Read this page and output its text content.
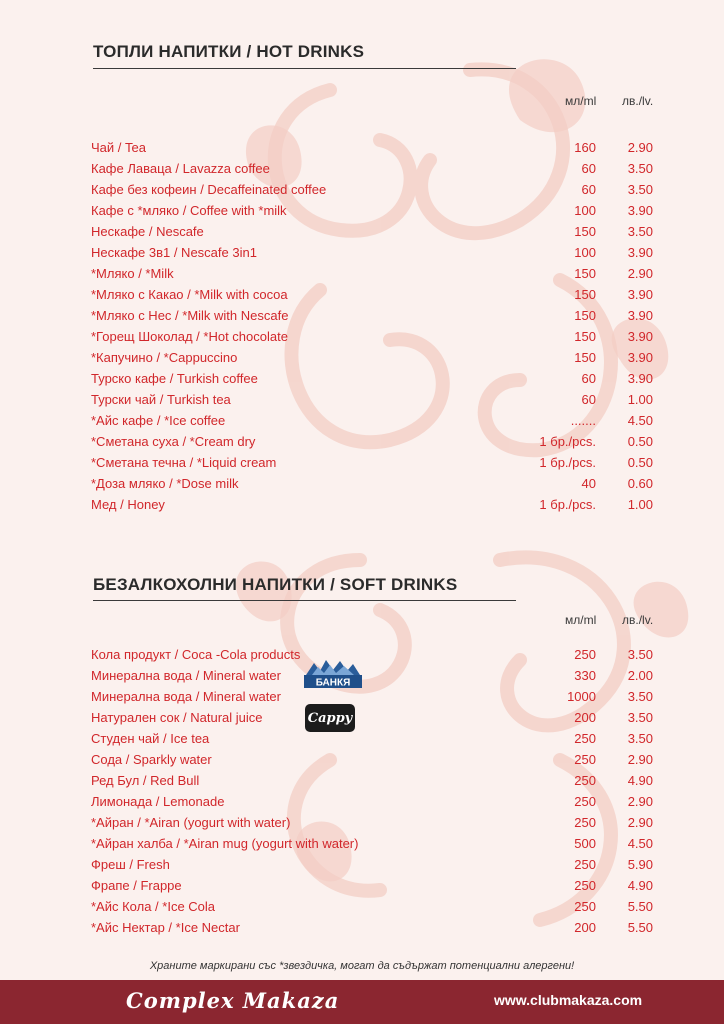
ТОПЛИ НАПИТКИ / HOT DRINKS
мл/ml лв./lv.
Чай / Tea	160	2.90
Кафе Лаваца / Lavazza coffee	60	3.50
Кафе без кофеин / Decaffeinated coffee	60	3.50
Кафе с *мляко / Coffee with *milk	100	3.90
Нескафе / Nescafe	150	3.50
Нескафе 3в1 / Nescafe 3in1	100	3.90
*Мляко / *Milk	150	2.90
*Мляко с Какао / *Milk with cocoa	150	3.90
*Мляко с Нес / *Milk with Nescafe	150	3.90
*Горещ Шоколад / *Hot chocolate	150	3.90
*Капучино / *Cappuccino	150	3.90
Турско кафе / Turkish coffee	60	3.90
Турски чай / Turkish tea	60	1.00
*Айс кафе / *Ice coffee	.......	4.50
*Сметана суха / *Cream dry	1 бр./pcs.	0.50
*Сметана течна / *Liquid cream	1 бр./pcs.	0.50
*Доза мляко / *Dose milk	40	0.60
Мед / Honey	1 бр./pcs.	1.00
БЕЗАЛКОХОЛНИ НАПИТКИ / SOFT DRINKS
мл/ml лв./lv.
Кола продукт / Coca -Cola products	250	3.50
Минерална вода / Mineral water	330	2.00
Минерална вода / Mineral water	1000	3.50
Натурален сок / Natural juice	200	3.50
Студен чай / Ice tea	250	3.50
Сода / Sparkly water	250	2.90
Ред Бул / Red Bull	250	4.90
Лимонада / Lemonade	250	2.90
*Айран / *Airan (yogurt with water)	250	2.90
*Айран халба / *Airan mug (yogurt with water)	500	4.50
Фреш / Fresh	250	5.90
Фрапе / Frappe	250	4.90
*Айс Кола / *Ice Cola	250	5.50
*Айс Нектар / *Ice Nectar	200	5.50
БАНКЯ
Cappy
Храните маркирани със *звездичка, могат да съдържат потенциални алергени!
Complex Makaza	www.clubmakaza.com
